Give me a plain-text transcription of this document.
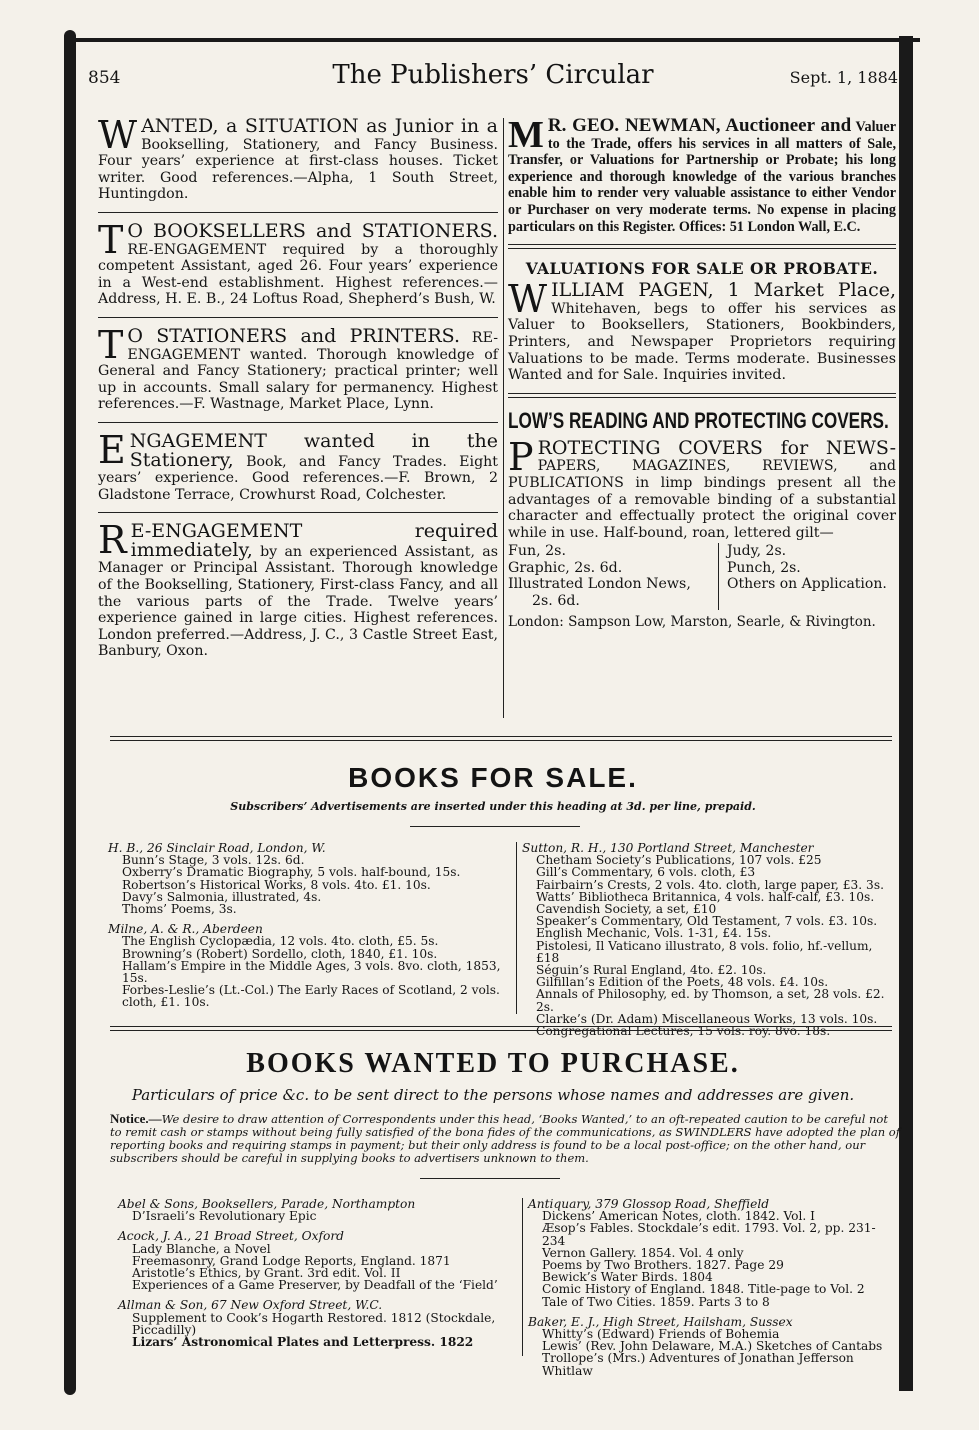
854	The Publishers’ Circular	Sept. 1, 1884

WANTED, a SITUATION as Junior in a Bookselling, Stationery, and Fancy Business. Four years’ experience at first-class houses. Ticket writer. Good references.—Alpha, 1 South Street, Huntingdon.

T O BOOKSELLERS and STATIONERS. RE-ENGAGEMENT required by a thoroughly competent Assistant, aged 26. Four years’ experience in a West-end establishment. Highest references.—Address, H. E. B., 24 Loftus Road, Shepherd’s Bush, W.

T O STATIONERS and PRINTERS. RE-ENGAGEMENT wanted. Thorough knowledge of General and Fancy Stationery; practical printer; well up in accounts. Small salary for permanency. Highest references.—F. Wastnage, Market Place, Lynn.

ENGAGEMENT wanted in the Stationery, Book, and Fancy Trades. Eight years’ experience. Good references.—F. Brown, 2 Gladstone Terrace, Crowhurst Road, Colchester.

R E-ENGAGEMENT required immediately, by an experienced Assistant, as Manager or Principal Assistant. Thorough knowledge of the Bookselling, Stationery, First-class Fancy, and all the various parts of the Trade. Twelve years’ experience gained in large cities. Highest references. London preferred.—Address, J. C., 3 Castle Street East, Banbury, Oxon.

M R. GEO. NEWMAN, Auctioneer and Valuer to the Trade, offers his services in all matters of Sale, Transfer, or Valuations for Partnership or Probate; his long experience and thorough knowledge of the various branches enable him to render very valuable assistance to either Vendor or Purchaser on very moderate terms. No expense in placing particulars on this Register. Offices: 51 London Wall, E.C.

VALUATIONS FOR SALE OR PROBATE.

WILLIAM PAGEN, 1 Market Place, Whitehaven, begs to offer his services as Valuer to Booksellers, Stationers, Bookbinders, Printers, and Newspaper Proprietors requiring Valuations to be made. Terms moderate. Businesses Wanted and for Sale. Inquiries invited.

LOW’S READING AND PROTECTING COVERS.

PROTECTING COVERS for NEWS- PAPERS, MAGAZINES, REVIEWS, and PUBLICATIONS in limp bindings present all the advantages of a removable binding of a substantial character and effectually protect the original cover while in use. Half-bound, roan, lettered gilt—

Fun, 2s.
Graphic, 2s. 6d.
Illustrated London News,
2s. 6d.
Judy, 2s.
Punch, 2s.
Others on Application.
London: Sampson Low, Marston, Searle, & Rivington.
BOOKS FOR SALE.
Subscribers’ Advertisements are inserted under this heading at 3d. per line, prepaid.
H. B., 26 Sinclair Road, London, W.
Bunn’s Stage, 3 vols. 12s. 6d.
Oxberry’s Dramatic Biography, 5 vols. half-bound, 15s.
Robertson’s Historical Works, 8 vols. 4to. £1. 10s.
Davy’s Salmonia, illustrated, 4s.
Thoms’ Poems, 3s.
Milne, A. & R., Aberdeen
The English Cyclopædia, 12 vols. 4to. cloth, £5. 5s.
Browning’s (Robert) Sordello, cloth, 1840, £1. 10s.
Hallam’s Empire in the Middle Ages, 3 vols. 8vo. cloth, 1853, 15s.
Forbes-Leslie’s (Lt.-Col.) The Early Races of Scotland, 2 vols. cloth, £1. 10s.
Sutton, R. H., 130 Portland Street, Manchester
Chetham Society’s Publications, 107 vols. £25
Gill’s Commentary, 6 vols. cloth, £3
Fairbairn’s Crests, 2 vols. 4to. cloth, large paper, £3. 3s.
Watts’ Bibliotheca Britannica, 4 vols. half-calf, £3. 10s.
Cavendish Society, a set, £10
Speaker’s Commentary, Old Testament, 7 vols. £3. 10s.
English Mechanic, Vols. 1-31, £4. 15s.
Pistolesi, Il Vaticano illustrato, 8 vols. folio, hf.-vellum, £18
Séguin’s Rural England, 4to. £2. 10s.
Gilfillan’s Edition of the Poets, 48 vols. £4. 10s.
Annals of Philosophy, ed. by Thomson, a set, 28 vols. £2. 2s.
Clarke’s (Dr. Adam) Miscellaneous Works, 13 vols. 10s.
Congregational Lectures, 15 vols. roy. 8vo. 18s.
BOOKS WANTED TO PURCHASE.
Particulars of price &c. to be sent direct to the persons whose names and addresses are given.
Notice.—We desire to draw attention of Correspondents under this head, ‘Books Wanted,’ to an oft-repeated caution to be careful not to remit cash or stamps without being fully satisfied of the bona fides of the communications, as SWINDLERS have adopted the plan of reporting books and requiring stamps in payment; but their only address is found to be a local post-office; on the other hand, our subscribers should be careful in supplying books to advertisers unknown to them.
Abel & Sons, Booksellers, Parade, Northampton
D’Israeli’s Revolutionary Epic
Acock, J. A., 21 Broad Street, Oxford
Lady Blanche, a Novel
Freemasonry, Grand Lodge Reports, England. 1871
Aristotle’s Ethics, by Grant. 3rd edit. Vol. II
Experiences of a Game Preserver, by Deadfall of the ‘Field’
Allman & Son, 67 New Oxford Street, W.C.
Supplement to Cook’s Hogarth Restored. 1812 (Stockdale, Piccadilly)
Lizars’ Astronomical Plates and Letterpress. 1822
Antiquary, 379 Glossop Road, Sheffield
Dickens’ American Notes, cloth. 1842. Vol. I
Æsop’s Fables. Stockdale’s edit. 1793. Vol. 2, pp. 231-234
Vernon Gallery. 1854. Vol. 4 only
Poems by Two Brothers. 1827. Page 29
Bewick’s Water Birds. 1804
Comic History of England. 1848. Title-page to Vol. 2
Tale of Two Cities. 1859. Parts 3 to 8
Baker, E. J., High Street, Hailsham, Sussex
Whitty’s (Edward) Friends of Bohemia
Lewis’ (Rev. John Delaware, M.A.) Sketches of Cantabs
Trollope’s (Mrs.) Adventures of Jonathan Jefferson Whitlaw
